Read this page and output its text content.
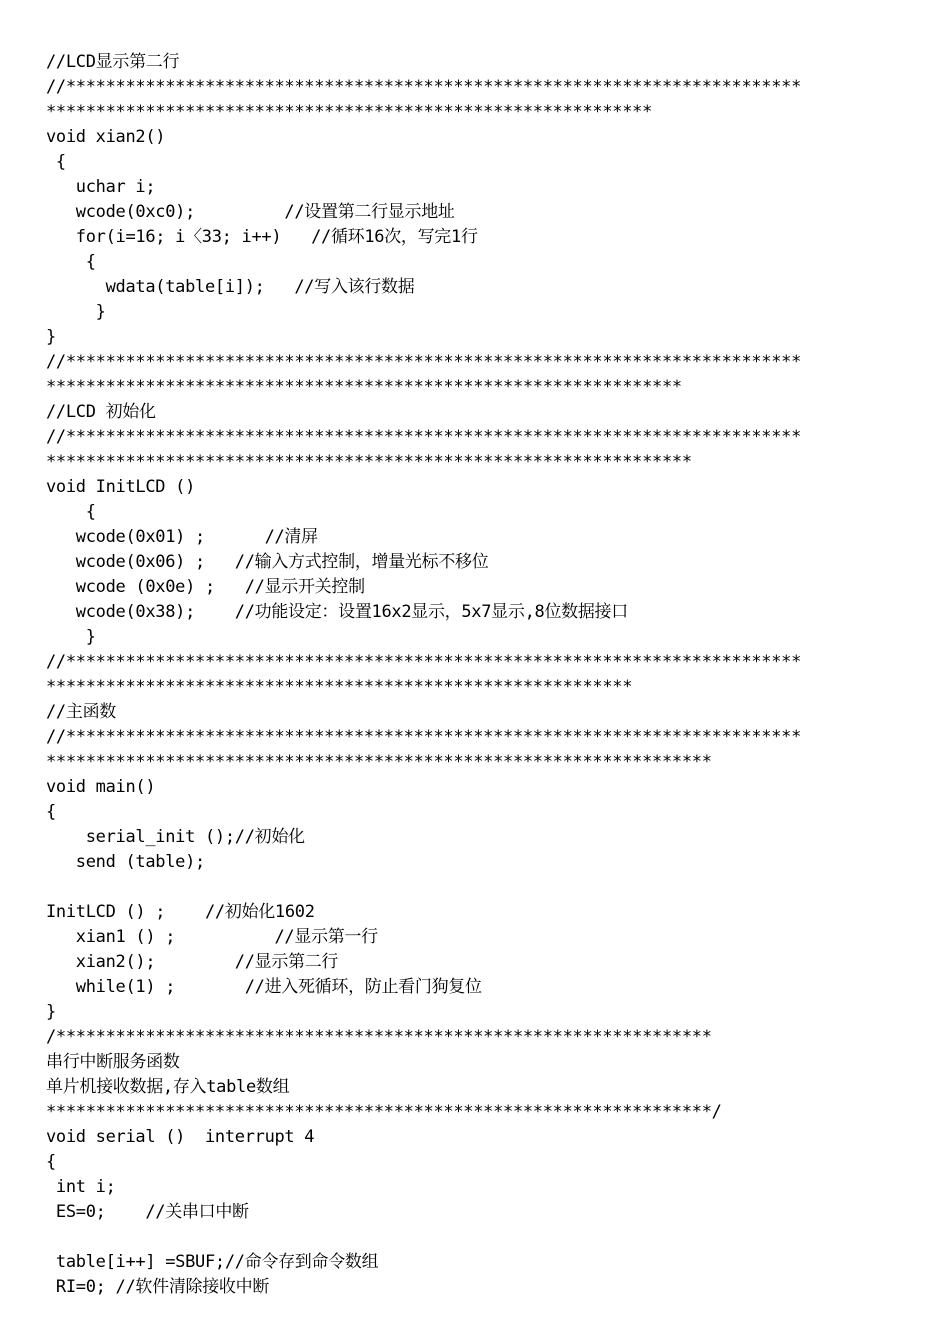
//LCD显示第二行
//**************************************************************************
*************************************************************
void xian2()
{
uchar i;
wcode(0xc0);         //设置第二行显示地址
for(i=16; i〈33; i++)   //循环16次，写完1行
{
wdata(table[i]);   //写入该行数据
}
}
//**************************************************************************
****************************************************************
//LCD 初始化
//**************************************************************************
*****************************************************************
void InitLCD ()
{
wcode(0x01) ;      //清屏
wcode(0x06) ;   //输入方式控制，增量光标不移位
wcode (0x0e) ;   //显示开关控制
wcode(0x38);    //功能设定：设置16x2显示，5x7显示,8位数据接口
}
//**************************************************************************
***********************************************************
//主函数
//**************************************************************************
*******************************************************************
void main()
{
serial_init ();//初始化
send (table);
InitLCD () ;    //初始化1602
xian1 () ;          //显示第一行
xian2();        //显示第二行
while(1) ;       //进入死循环，防止看门狗复位
}
/******************************************************************
串行中断服务函数
单片机接收数据,存入table数组
*******************************************************************/
void serial ()  interrupt 4
{
int i;
ES=0;    //关串口中断
table[i++] =SBUF;//命令存到命令数组
RI=0; //软件清除接收中断
